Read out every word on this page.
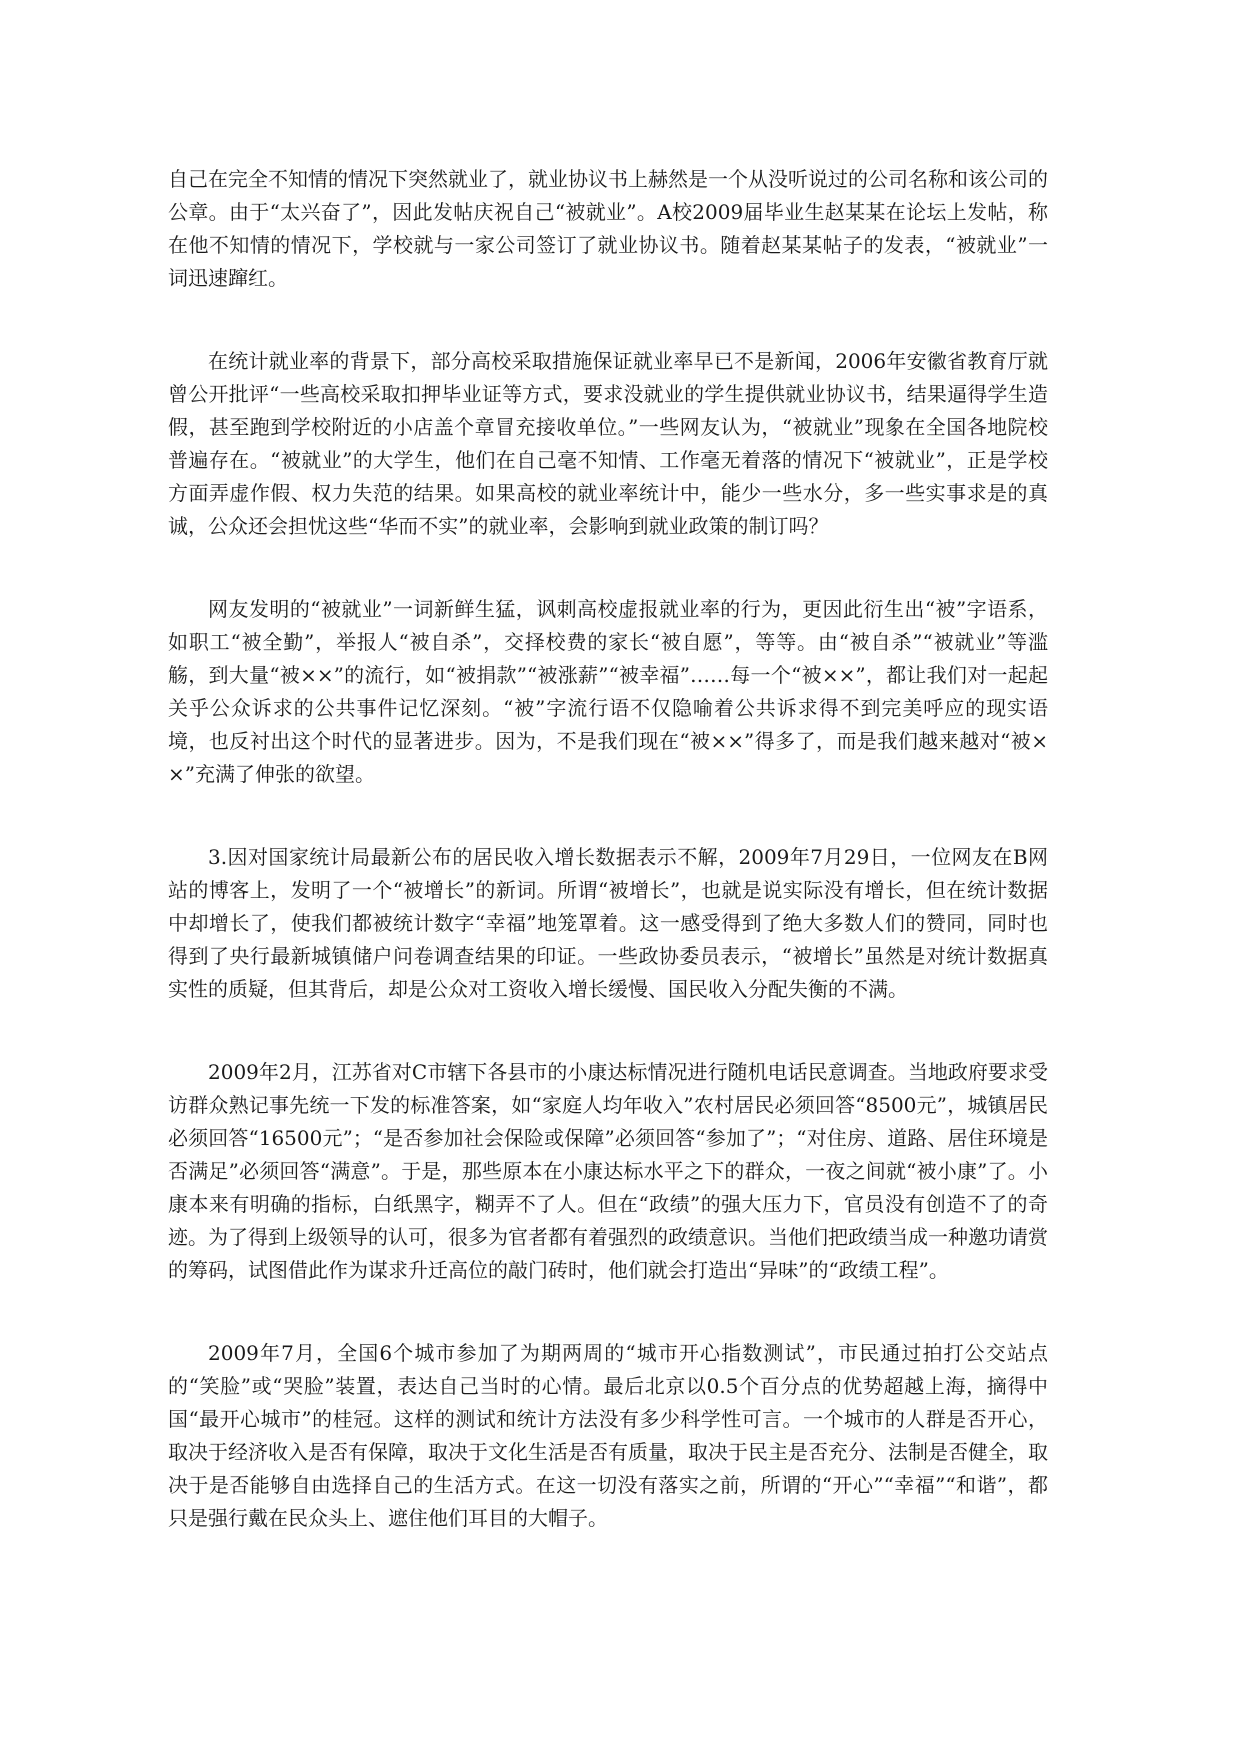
自己在完全不知情的情况下突然就业了，就业协议书上赫然是一个从没听说过的公司名称和该公司的公章。由于“太兴奋了”，因此发帖庆祝自己“被就业”。A校2009届毕业生赵某某在论坛上发帖，称在他不知情的情况下，学校就与一家公司签订了就业协议书。随着赵某某帖子的发表，“被就业”一词迅速蹿红。

在统计就业率的背景下，部分高校采取措施保证就业率早已不是新闻，2006年安徽省教育厅就曾公开批评“一些高校采取扣押毕业证等方式，要求没就业的学生提供就业协议书，结果逼得学生造假，甚至跑到学校附近的小店盖个章冒充接收单位。”一些网友认为，“被就业”现象在全国各地院校普遍存在。“被就业”的大学生，他们在自己毫不知情、工作毫无着落的情况下“被就业”，正是学校方面弄虚作假、权力失范的结果。如果高校的就业率统计中，能少一些水分，多一些实事求是的真诚，公众还会担忧这些“华而不实”的就业率，会影响到就业政策的制订吗？

网友发明的“被就业”一词新鲜生猛，讽刺高校虚报就业率的行为，更因此衍生出“被”字语系，如职工“被全勤”，举报人“被自杀”，交择校费的家长“被自愿”，等等。由“被自杀”“被就业”等滥觞，到大量“被××”的流行，如“被捐款”“被涨薪”“被幸福”……每一个“被××”，都让我们对一起起关乎公众诉求的公共事件记忆深刻。“被”字流行语不仅隐喻着公共诉求得不到完美呼应的现实语境，也反衬出这个时代的显著进步。因为，不是我们现在“被××”得多了，而是我们越来越对“被××”充满了伸张的欲望。

3.因对国家统计局最新公布的居民收入增长数据表示不解，2009年7月29日，一位网友在B网站的博客上，发明了一个“被增长”的新词。所谓“被增长”，也就是说实际没有增长，但在统计数据中却增长了，使我们都被统计数字“幸福”地笼罩着。这一感受得到了绝大多数人们的赞同，同时也得到了央行最新城镇储户问卷调查结果的印证。一些政协委员表示，“被增长”虽然是对统计数据真实性的质疑，但其背后，却是公众对工资收入增长缓慢、国民收入分配失衡的不满。

2009年2月，江苏省对C市辖下各县市的小康达标情况进行随机电话民意调查。当地政府要求受访群众熟记事先统一下发的标准答案，如“家庭人均年收入”农村居民必须回答“8500元”，城镇居民必须回答“16500元”；“是否参加社会保险或保障”必须回答“参加了”；“对住房、道路、居住环境是否满足”必须回答“满意”。于是，那些原本在小康达标水平之下的群众，一夜之间就“被小康”了。小康本来有明确的指标，白纸黑字，糊弄不了人。但在“政绩”的强大压力下，官员没有创造不了的奇迹。为了得到上级领导的认可，很多为官者都有着强烈的政绩意识。当他们把政绩当成一种邀功请赏的筹码，试图借此作为谋求升迁高位的敲门砖时，他们就会打造出“异味”的“政绩工程”。

2009年7月，全国6个城市参加了为期两周的“城市开心指数测试”，市民通过拍打公交站点的“笑脸”或“哭脸”装置，表达自己当时的心情。最后北京以0.5个百分点的优势超越上海，摘得中国“最开心城市”的桂冠。这样的测试和统计方法没有多少科学性可言。一个城市的人群是否开心，取决于经济收入是否有保障，取决于文化生活是否有质量，取决于民主是否充分、法制是否健全，取决于是否能够自由选择自己的生活方式。在这一切没有落实之前，所谓的“开心”“幸福”“和谐”，都只是强行戴在民众头上、遮住他们耳目的大帽子。
